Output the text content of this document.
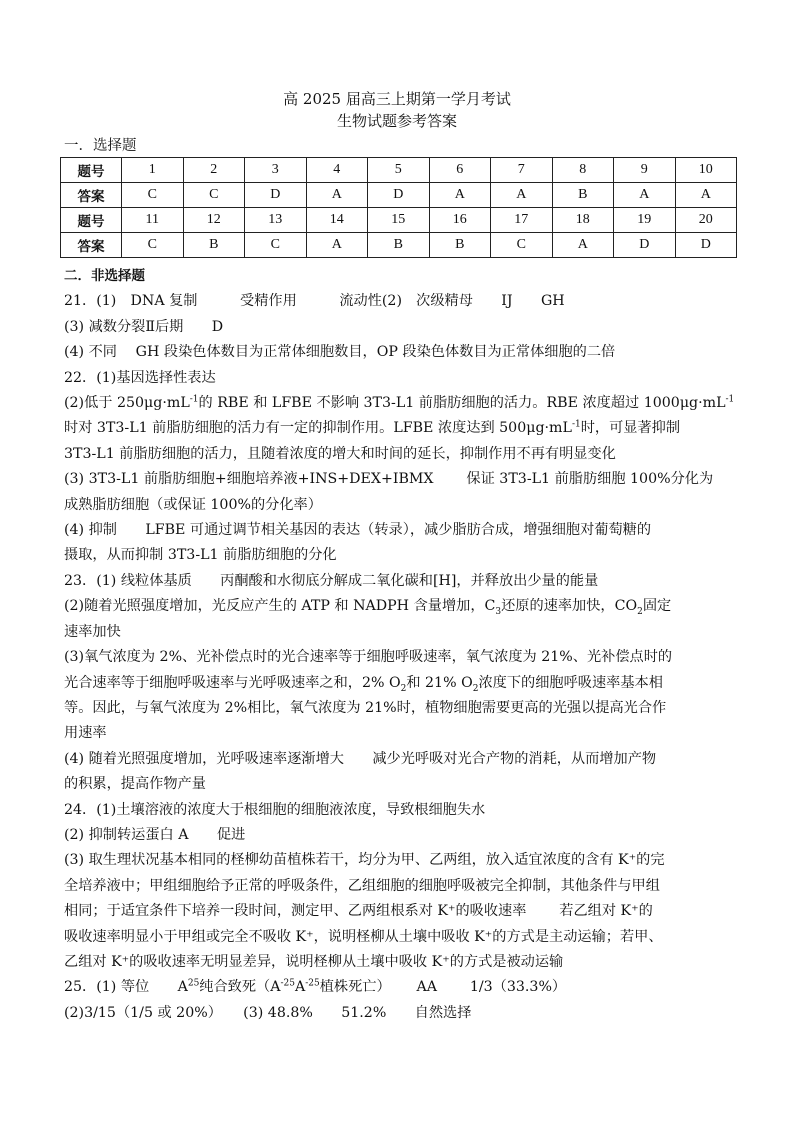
高 2025 届高三上期第一学月考试
生物试题参考答案
一．选择题
题号	1	2	3	4	5	6	7	8	9	10
答案	C	C	D	A	D	A	A	B	A	A
题号	11	12	13	14	15	16	17	18	19	20
答案	C	B	C	A	B	B	C	A	D	D
二．非选择题
21．(1)　DNA 复制　　　受精作用　　　流动性(2)　次级精母　　IJ　　GH
(3) 减数分裂Ⅱ后期　　D
(4) 不同　 GH 段染色体数目为正常体细胞数目，OP 段染色体数目为正常体细胞的二倍
22．(1)基因选择性表达
(2)低于 $250\mu g\cdot mL^{-1}$的 RBE 和 LFBE 不影响 3T3-L1 前脂肪细胞的活力。RBE 浓度超过 $1000\mu g\cdot mL^{-1}$
时对 3T3-L1 前脂肪细胞的活力有一定的抑制作用。LFBE 浓度达到 $500\mu g\cdot mL^{-1}$时，可显著抑制
3T3-L1 前脂肪细胞的活力，且随着浓度的增大和时间的延长，抑制作用不再有明显变化
(3) 3T3-L1 前脂肪细胞+细胞培养液+INS+DEX+IBMX　　 保证 3T3-L1 前脂肪细胞 100%分化为
成熟脂肪细胞（或保证 100%的分化率）
(4) 抑制　　LFBE 可通过调节相关基因的表达（转录），减少脂肪合成，增强细胞对葡萄糖的
摄取，从而抑制 3T3-L1 前脂肪细胞的分化
23．(1) 线粒体基质　　丙酮酸和水彻底分解成二氧化碳和[H]，并释放出少量的能量
(2)随着光照强度增加，光反应产生的 ATP 和 NADPH 含量增加，$C_3$还原的速率加快，$CO_2$固定
速率加快
(3)氧气浓度为 2%、光补偿点时的光合速率等于细胞呼吸速率，氧气浓度为 21%、光补偿点时的
光合速率等于细胞呼吸速率与光呼吸速率之和，2% $O_2$和 21% $O_2$浓度下的细胞呼吸速率基本相
等。因此，与氧气浓度为 2%相比，氧气浓度为 21%时，植物细胞需要更高的光强以提高光合作
用速率
(4) 随着光照强度增加，光呼吸速率逐渐增大　　减少光呼吸对光合产物的消耗，从而增加产物
的积累，提高作物产量
24．(1)土壤溶液的浓度大于根细胞的细胞液浓度，导致根细胞失水
(2) 抑制转运蛋白 A　　促进
(3) 取生理状况基本相同的柽柳幼苗植株若干，均分为甲、乙两组，放入适宜浓度的含有 K⁺的完
全培养液中；甲组细胞给予正常的呼吸条件，乙组细胞的细胞呼吸被完全抑制，其他条件与甲组
相同；于适宜条件下培养一段时间，测定甲、乙两组根系对 K⁺的吸收速率　　 若乙组对 K⁺的
吸收速率明显小于甲组或完全不吸收 K⁺，说明柽柳从土壤中吸收 K⁺的方式是主动运输；若甲、
乙组对 K⁺的吸收速率无明显差异，说明柽柳从土壤中吸收 K⁺的方式是被动运输
25．(1) 等位　　$A^{25}$纯合致死（$A^{-25}A^{-25}$植株死亡）　　 AA　　 1/3（33.3%）
(2)3/15（1/5 或 20%）　　(3) 48.8%　　51.2%　　自然选择
